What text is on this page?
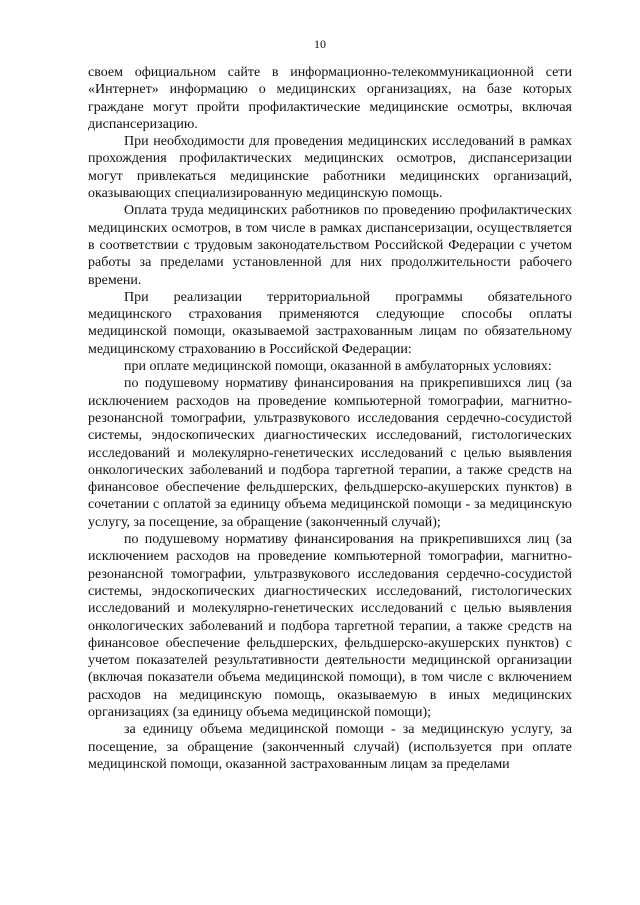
10

своем официальном сайте в информационно-телекоммуникационной сети «Интернет» информацию о медицинских организациях, на базе которых граждане могут пройти профилактические медицинские осмотры, включая диспансеризацию.

При необходимости для проведения медицинских исследований в рамках прохождения профилактических медицинских осмотров, диспансеризации могут привлекаться медицинские работники медицинских организаций, оказывающих специализированную медицинскую помощь.

Оплата труда медицинских работников по проведению профилактических медицинских осмотров, в том числе в рамках диспансеризации, осуществляется в соответствии с трудовым законодательством Российской Федерации с учетом работы за пределами установленной для них продолжительности рабочего времени.

При реализации территориальной программы обязательного медицинского страхования применяются следующие способы оплаты медицинской помощи, оказываемой застрахованным лицам по обязательному медицинскому страхованию в Российской Федерации:

при оплате медицинской помощи, оказанной в амбулаторных условиях:

по подушевому нормативу финансирования на прикрепившихся лиц (за исключением расходов на проведение компьютерной томографии, магнитно-резонансной томографии, ультразвукового исследования сердечно-сосудистой системы, эндоскопических диагностических исследований, гистологических исследований и молекулярно-генетических исследований с целью выявления онкологических заболеваний и подбора таргетной терапии, а также средств на финансовое обеспечение фельдшерских, фельдшерско-акушерских пунктов) в сочетании с оплатой за единицу объема медицинской помощи - за медицинскую услугу, за посещение, за обращение (законченный случай);

по подушевому нормативу финансирования на прикрепившихся лиц (за исключением расходов на проведение компьютерной томографии, магнитно-резонансной томографии, ультразвукового исследования сердечно-сосудистой системы, эндоскопических диагностических исследований, гистологических исследований и молекулярно-генетических исследований с целью выявления онкологических заболеваний и подбора таргетной терапии, а также средств на финансовое обеспечение фельдшерских, фельдшерско-акушерских пунктов) с учетом показателей результативности деятельности медицинской организации (включая показатели объема медицинской помощи), в том числе с включением расходов на медицинскую помощь, оказываемую в иных медицинских организациях (за единицу объема медицинской помощи);

за единицу объема медицинской помощи - за медицинскую услугу, за посещение, за обращение (законченный случай) (используется при оплате медицинской помощи, оказанной застрахованным лицам за пределами
